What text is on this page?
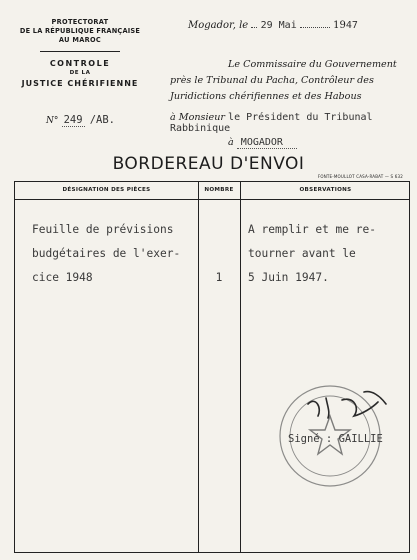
PROTECTORAT
DE LA RÉPUBLIQUE FRANÇAISE
AU MAROC
CONTROLE
DE LA
JUSTICE CHÉRIFIENNE
N° 249 /AB.
Mogador, le 29 Mai	1947
Le Commissaire du Gouvernement
près le Tribunal du Pacha, Contrôleur des
Juridictions chérifiennes et des Habous
à Monsieur le Président du Tribunal
Rabbinique
à MOGADOR
BORDEREAU D'ENVOI
FONTE-MOULLOT CASA-RABAT — S 632
DÉSIGNATION DES PIÈCES	NOMBRE	OBSERVATIONS
Feuille de prévisions
budgétaires de l'exer-
cice 1948	1
A remplir et me re-
tourner avant le
5 Juin 1947.
Signé : GAILLIE
